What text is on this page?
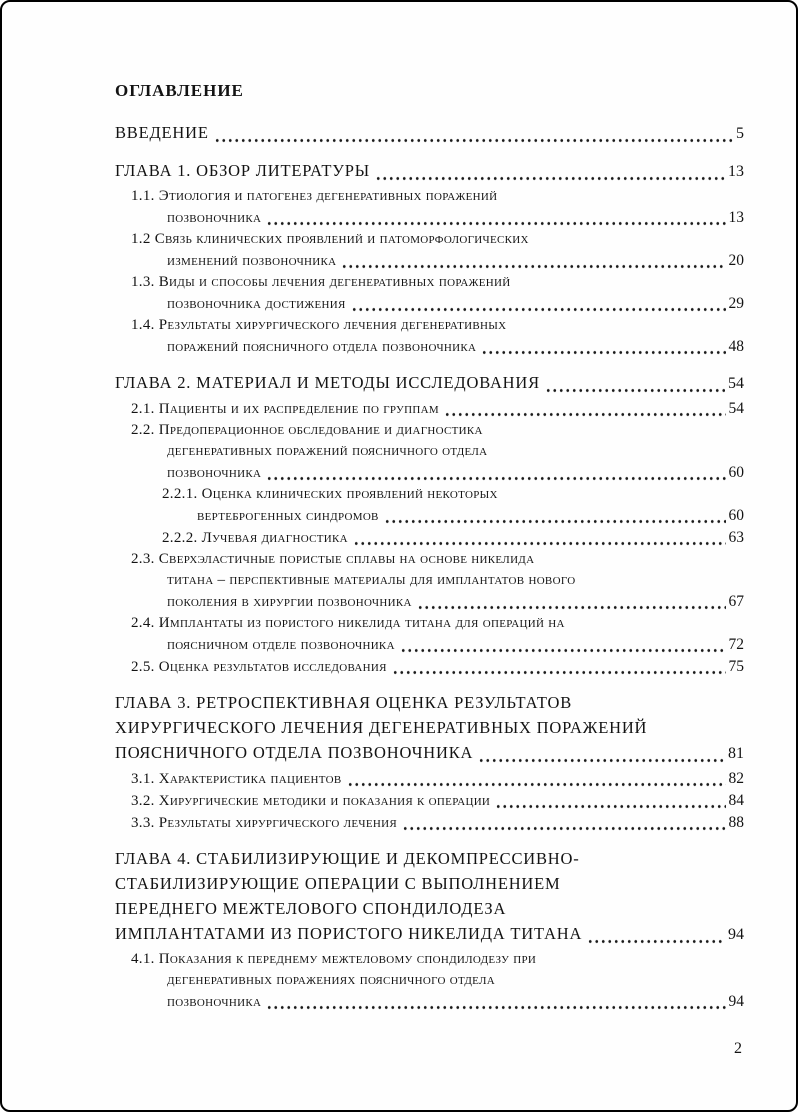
ОГЛАВЛЕНИЕ
ВВЕДЕНИЕ	5
ГЛАВА 1. ОБЗОР ЛИТЕРАТУРЫ	13
1.1. Этиология и патогенез дегенеративных поражений
позвоночника	13
1.2 Связь клинических проявлений и патоморфологических
изменений позвоночника	20
1.3. Виды и способы лечения дегенеративных поражений
позвоночника достижения	29
1.4. Результаты хирургического лечения дегенеративных
поражений поясничного отдела позвоночника	48
ГЛАВА 2. МАТЕРИАЛ И МЕТОДЫ ИССЛЕДОВАНИЯ	54
2.1. Пациенты и их распределение по группам	54
2.2. Предоперационное обследование и диагностика
дегенеративных поражений поясничного отдела
позвоночника	60
2.2.1. Оценка клинических проявлений некоторых
вертеброгенных синдромов	60
2.2.2. Лучевая диагностика	63
2.3. Сверхэластичные пористые сплавы на основе никелида
титана – перспективные материалы для имплантатов нового
поколения в хирургии позвоночника	67
2.4. Имплантаты из пористого никелида титана для операций на
поясничном отделе позвоночника	72
2.5. Оценка результатов исследования	75
ГЛАВА 3. РЕТРОСПЕКТИВНАЯ ОЦЕНКА РЕЗУЛЬТАТОВ
ХИРУРГИЧЕСКОГО ЛЕЧЕНИЯ ДЕГЕНЕРАТИВНЫХ ПОРАЖЕНИЙ
ПОЯСНИЧНОГО ОТДЕЛА ПОЗВОНОЧНИКА	81
3.1. Характеристика пациентов	82
3.2. Хирургические методики и показания к операции	84
3.3. Результаты хирургического лечения	88
ГЛАВА 4. СТАБИЛИЗИРУЮЩИЕ И ДЕКОМПРЕССИВНО-
СТАБИЛИЗИРУЮЩИЕ ОПЕРАЦИИ С ВЫПОЛНЕНИЕМ
ПЕРЕДНЕГО МЕЖТЕЛОВОГО СПОНДИЛОДЕЗА
ИМПЛАНТАТАМИ ИЗ ПОРИСТОГО НИКЕЛИДА ТИТАНА	94
4.1. Показания к переднему межтеловому спондилодезу при
дегенеративных поражениях поясничного отдела
позвоночника	94
2
